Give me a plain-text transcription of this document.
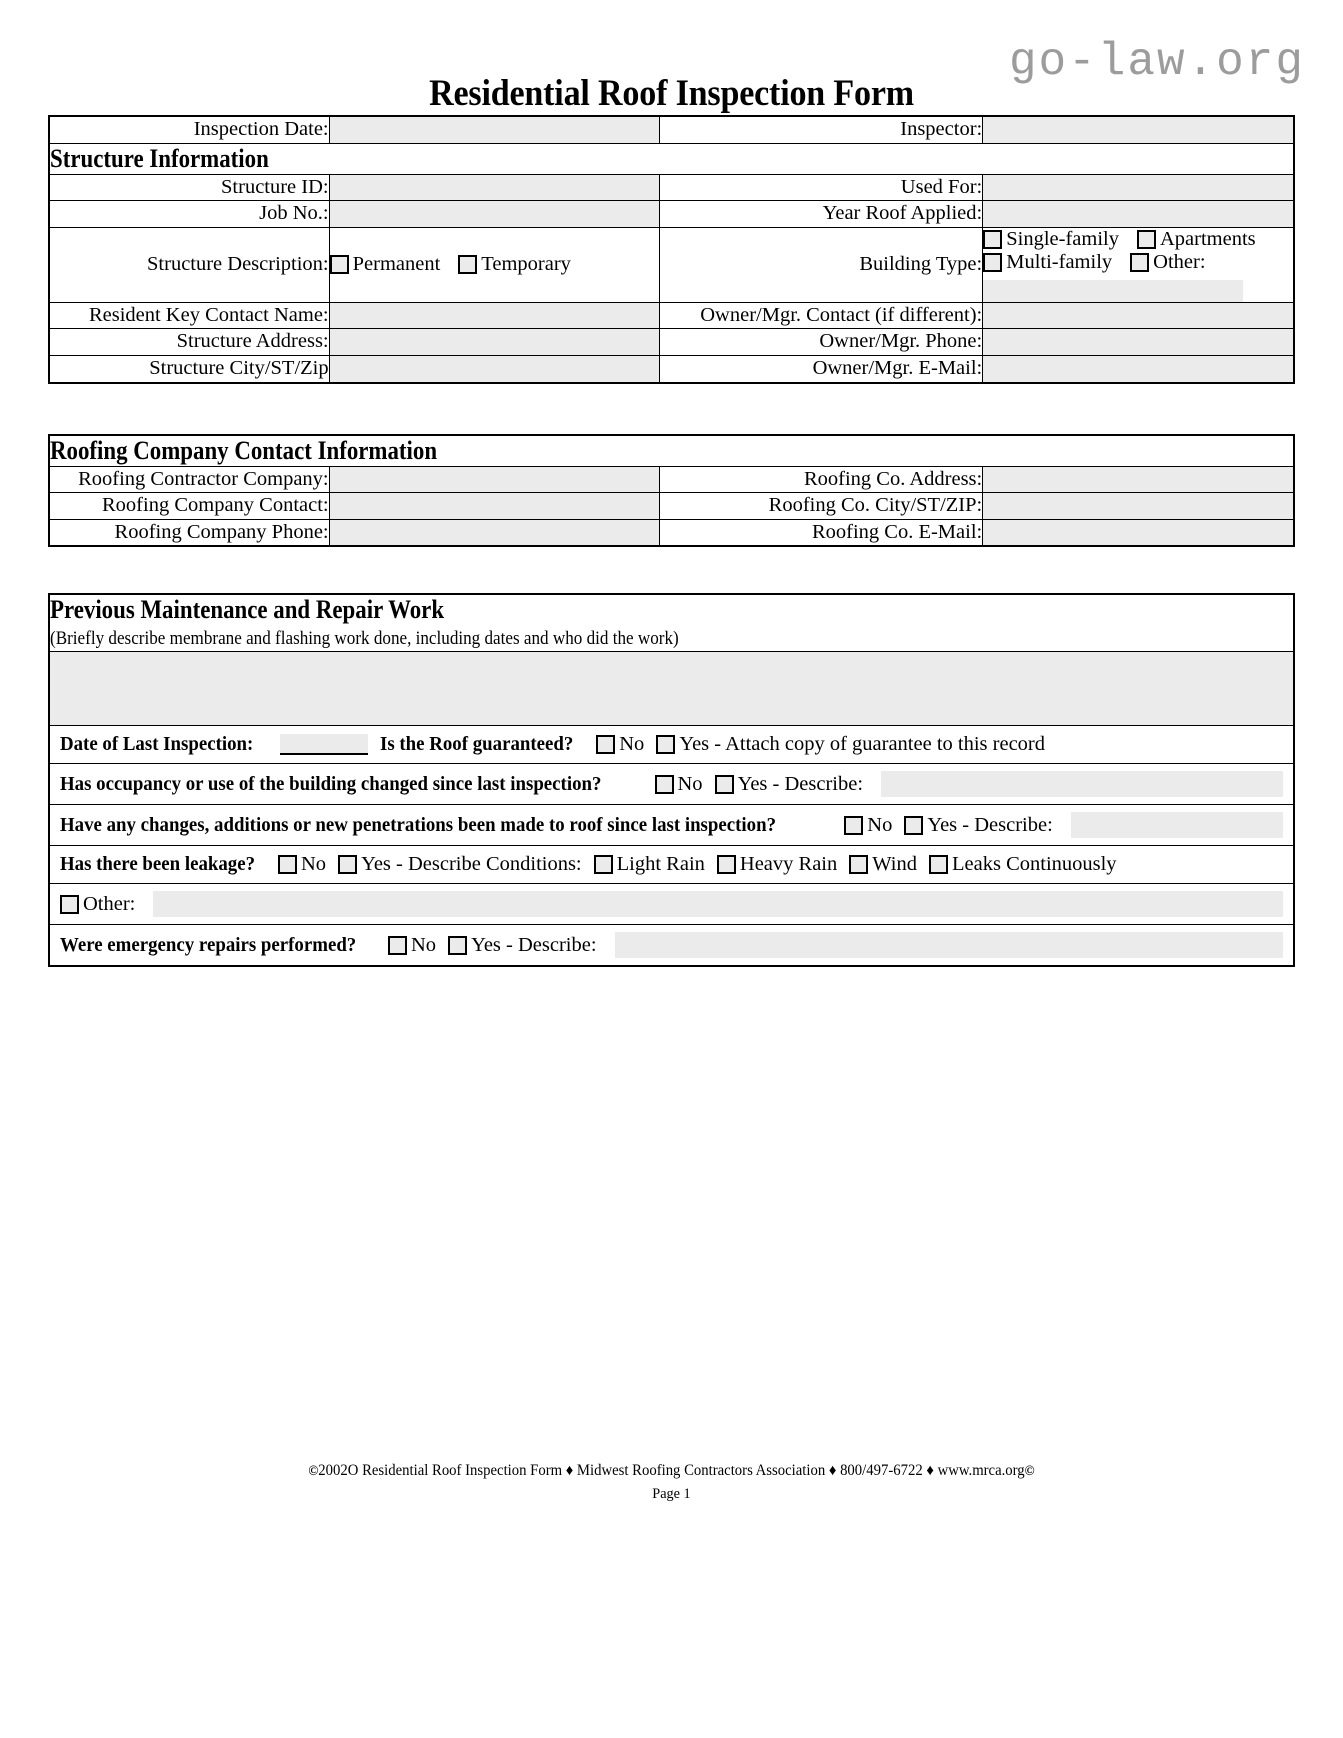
go-law.org
Residential Roof Inspection Form
Inspection Date:		Inspector:	

Structure Information			

Structure ID:		Used For:	
Job No.:		Year Roof Applied:	
Structure Description:	Permanent Temporary	Building Type:	Single-family Apartments
Multi-family Other:

Resident Key Contact Name:		Owner/Mgr. Contact (if different):	
Structure Address:		Owner/Mgr. Phone:	
Structure City/ST/Zip		Owner/Mgr. E-Mail:	
Roofing Company Contact Information			

Roofing Contractor Company:		Roofing Co. Address:	
Roofing Company Contact:		Roofing Co. City/ST/ZIP:	
Roofing Company Phone:		Roofing Co. E-Mail:	
Previous Maintenance and Repair Work
(Briefly describe membrane and flashing work done, including dates and who did the work)

Date of Last Inspection:	Is the Roof guaranteed? No Yes - Attach copy of guarantee to this record

Has occupancy or use of the building changed since last inspection?	No Yes - Describe:

Have any changes, additions or new penetrations been made to roof since last inspection?	No Yes - Describe:

Has there been leakage? No Yes - Describe Conditions: Light Rain Heavy Rain Wind Leaks Continuously

Other:

Were emergency repairs performed?	No Yes - Describe:
©2002O Residential Roof Inspection Form ♦ Midwest Roofing Contractors Association ♦ 800/497-6722 ♦ www.mrca.org©
Page 1
